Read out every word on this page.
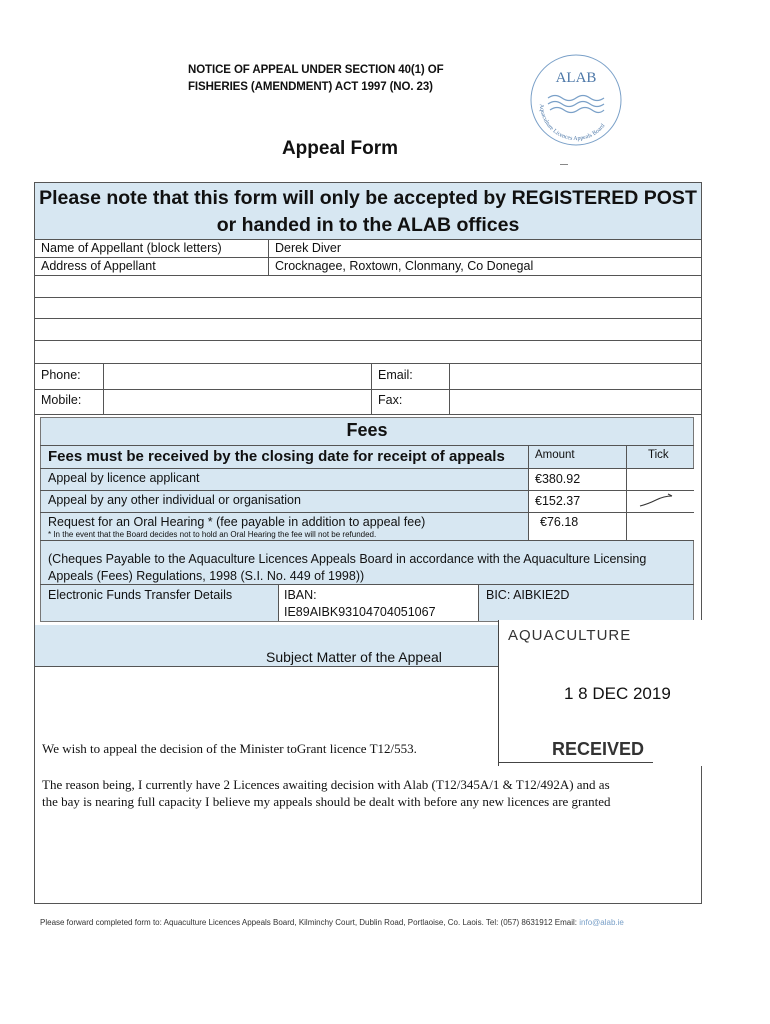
NOTICE OF APPEAL UNDER SECTION 40(1) OF
FISHERIES (AMENDMENT) ACT 1997 (NO. 23)
ALAB
Aquaculture Licences Appeals Board
Appeal Form
Please note that this form will only be accepted by REGISTERED POST
or handed in to the ALAB offices
Name of Appellant (block letters)	Derek Diver
Address of Appellant	Crocknagee, Roxtown, Clonmany, Co Donegal
Phone:	Email:
Mobile:	Fax:
Fees
Fees must be received by the closing date for receipt of appeals	Amount	Tick
Appeal by licence applicant	€380.92
Appeal by any other individual or organisation	€152.37
Request for an Oral Hearing * (fee payable in addition to appeal fee)	€76.18
* In the event that the Board decides not to hold an Oral Hearing the fee will not be refunded.
(Cheques Payable to the Aquaculture Licences Appeals Board in accordance with the Aquaculture Licensing
Appeals (Fees) Regulations, 1998 (S.I. No. 449 of 1998))
Electronic Funds Transfer Details	IBAN:
IE89AIBK93104704051067
BIC: AIBKIE2D
Subject Matter of the Appeal
AQUACULTURE
1 8 DEC 2019
RECEIVED
We wish to appeal the decision of the Minister toGrant licence T12/553.
The reason being, I currently have 2 Licences awaiting decision with Alab (T12/345A/1 & T12/492A) and as
the bay is nearing full capacity I believe my appeals should be dealt with before any new licences are granted
Please forward completed form to: Aquaculture Licences Appeals Board, Kilminchy Court, Dublin Road, Portlaoise, Co. Laois. Tel: (057) 8631912 Email: info@alab.ie
